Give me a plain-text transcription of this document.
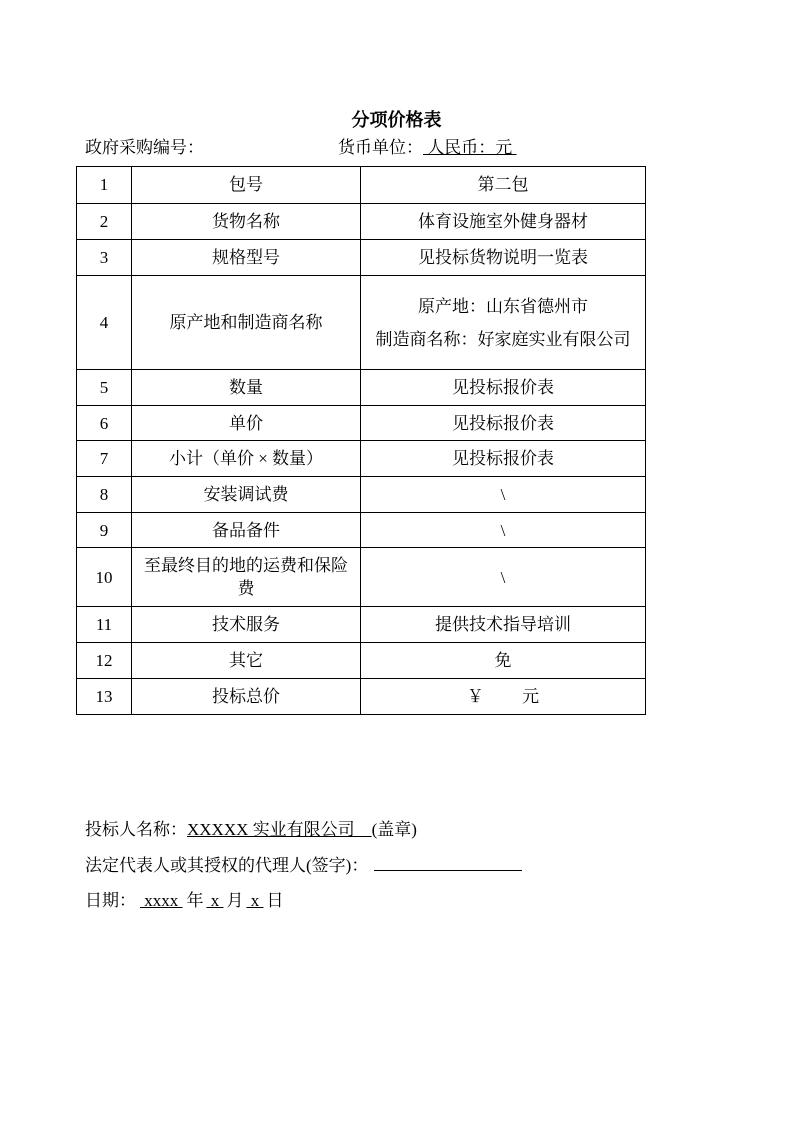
分项价格表
政府采购编号：	货币单位： 人民币：元
1	包号	第二包
2	货物名称	体育设施室外健身器材
3	规格型号	见投标货物说明一览表
4	原产地和制造商名称	原产地：山东省德州市
制造商名称：好家庭实业有限公司

5	数量	见投标报价表
6	单价	见投标报价表
7	小计（单价 × 数量）	见投标报价表
8	安装调试费	\
9	备品备件	\
10	至最终目的地的运费和保险费	\
11	技术服务	提供技术指导培训
12	其它	免
13	投标总价	￥　　 元
投标人名称：XXXXX 实业有限公司　(盖章)
法定代表人或其授权的代理人(签字)：
日期： xxxx 年 x 月 x 日
